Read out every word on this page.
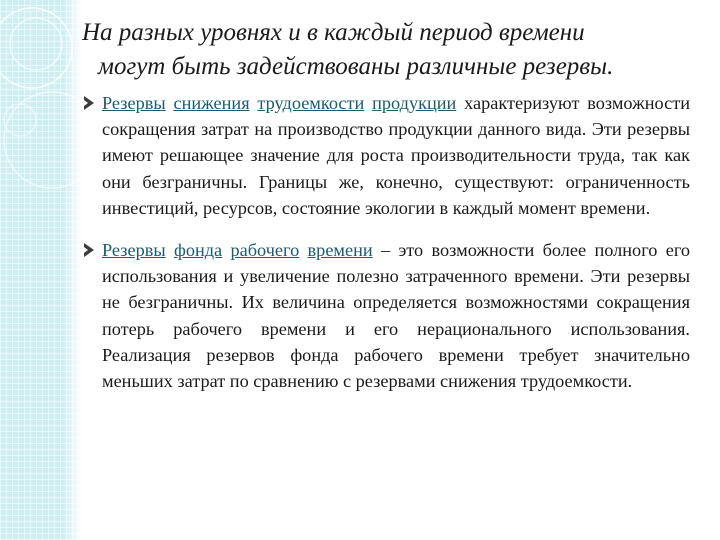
На разных уровнях и в каждый период времени
могут быть задействованы различные резервы.
Резервы снижения трудоемкости продукции характеризуют возможности сокращения затрат на производство продукции данного вида. Эти резервы имеют решающее значение для роста производительности труда, так как они безграничны. Границы же, конечно, существуют: ограниченность инвестиций, ресурсов, состояние экологии в каждый момент времени.
Резервы фонда рабочего времени – это возможности более полного его использования и увеличение полезно затраченного времени. Эти резервы не безграничны. Их величина определяется возможностями сокращения потерь рабочего времени и его нерационального использования. Реализация резервов фонда рабочего времени требует значительно меньших затрат по сравнению с резервами снижения трудоемкости.
